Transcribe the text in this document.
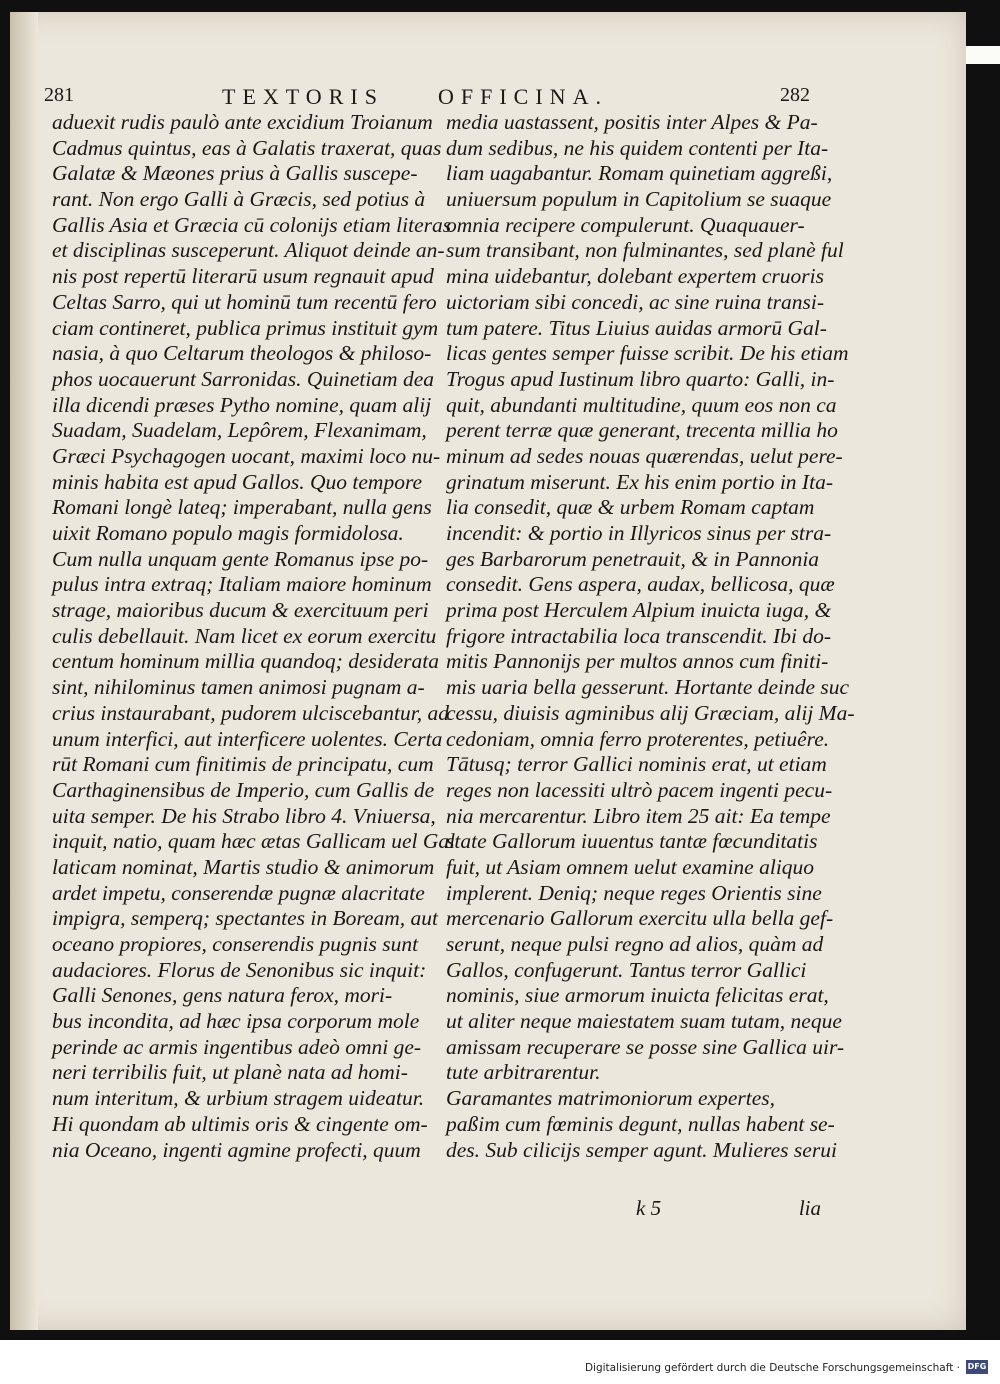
281	TEXTORIS OFFICINA.	282
aduexit rudis paulò ante excidium Troianum
Cadmus quintus, eas à Galatis traxerat, quas
Galatæ & Mæones prius à Gallis suscepe-
rant. Non ergo Galli à Græcis, sed potius à
Gallis Asia et Græcia cū colonijs etiam literas
et disciplinas susceperunt. Aliquot deinde an-
nis post repertū literarū usum regnauit apud
Celtas Sarro, qui ut hominū tum recentū fero
ciam contineret, publica primus instituit gym
nasia, à quo Celtarum theologos & philoso-
phos uocauerunt Sarronidas. Quinetiam dea
illa dicendi præses Pytho nomine, quam alij
Suadam, Suadelam, Lepôrem, Flexanimam,
Græci Psychagogen uocant, maximi loco nu-
minis habita est apud Gallos. Quo tempore
Romani longè lateq; imperabant, nulla gens
uixit Romano populo magis formidolosa.
Cum nulla unquam gente Romanus ipse po-
pulus intra extraq; Italiam maiore hominum
strage, maioribus ducum & exercituum peri
culis debellauit. Nam licet ex eorum exercitu
centum hominum millia quandoq; desiderata
sint, nihilominus tamen animosi pugnam a-
crius instaurabant, pudorem ulciscebantur, ad
unum interfici, aut interficere uolentes. Certa
rūt Romani cum finitimis de principatu, cum
Carthaginensibus de Imperio, cum Gallis de
uita semper. De his Strabo libro 4. Vniuersa,
inquit, natio, quam hæc ætas Gallicam uel Gal
laticam nominat, Martis studio & animorum
ardet impetu, conserendæ pugnæ alacritate
impigra, semperq; spectantes in Boream, aut
oceano propiores, conserendis pugnis sunt
audaciores. Florus de Senonibus sic inquit:
Galli Senones, gens natura ferox, mori-
bus incondita, ad hæc ipsa corporum mole
perinde ac armis ingentibus adeò omni ge-
neri terribilis fuit, ut planè nata ad homi-
num interitum, & urbium stragem uideatur.
Hi quondam ab ultimis oris & cingente om-
nia Oceano, ingenti agmine profecti, quum
media uastassent, positis inter Alpes & Pa-
dum sedibus, ne his quidem contenti per Ita-
liam uagabantur. Romam quinetiam aggreßi,
uniuersum populum in Capitolium se suaque
omnia recipere compulerunt. Quaquauer-
sum transibant, non fulminantes, sed planè ful
mina uidebantur, dolebant expertem cruoris
uictoriam sibi concedi, ac sine ruina transi-
tum patere. Titus Liuius auidas armorū Gal-
licas gentes semper fuisse scribit. De his etiam
Trogus apud Iustinum libro quarto: Galli, in-
quit, abundanti multitudine, quum eos non ca
perent terræ quæ generant, trecenta millia ho
minum ad sedes nouas quærendas, uelut pere-
grinatum miserunt. Ex his enim portio in Ita-
lia consedit, quæ & urbem Romam captam
incendit: & portio in Illyricos sinus per stra-
ges Barbarorum penetrauit, & in Pannonia
consedit. Gens aspera, audax, bellicosa, quæ
prima post Herculem Alpium inuicta iuga, &
frigore intractabilia loca transcendit. Ibi do-
mitis Pannonijs per multos annos cum finiti-
mis uaria bella gesserunt. Hortante deinde suc
cessu, diuisis agminibus alij Græciam, alij Ma-
cedoniam, omnia ferro proterentes, petiuêre.
Tātusq; terror Gallici nominis erat, ut etiam
reges non lacessiti ultrò pacem ingenti pecu-
nia mercarentur. Libro item 25 ait: Ea tempe
state Gallorum iuuentus tantæ fœcunditatis
fuit, ut Asiam omnem uelut examine aliquo
implerent. Deniq; neque reges Orientis sine
mercenario Gallorum exercitu ulla bella gef-
serunt, neque pulsi regno ad alios, quàm ad
Gallos, confugerunt. Tantus terror Gallici
nominis, siue armorum inuicta felicitas erat,
ut aliter neque maiestatem suam tutam, neque
amissam recuperare se posse sine Gallica uir-
tute arbitrarentur.
Garamantes matrimoniorum expertes,
paßim cum fœminis degunt, nullas habent se-
des. Sub cilicijs semper agunt. Mulieres serui
k 5	lia
Digitalisierung gefördert durch die Deutsche Forschungsgemeinschaft · DFG
